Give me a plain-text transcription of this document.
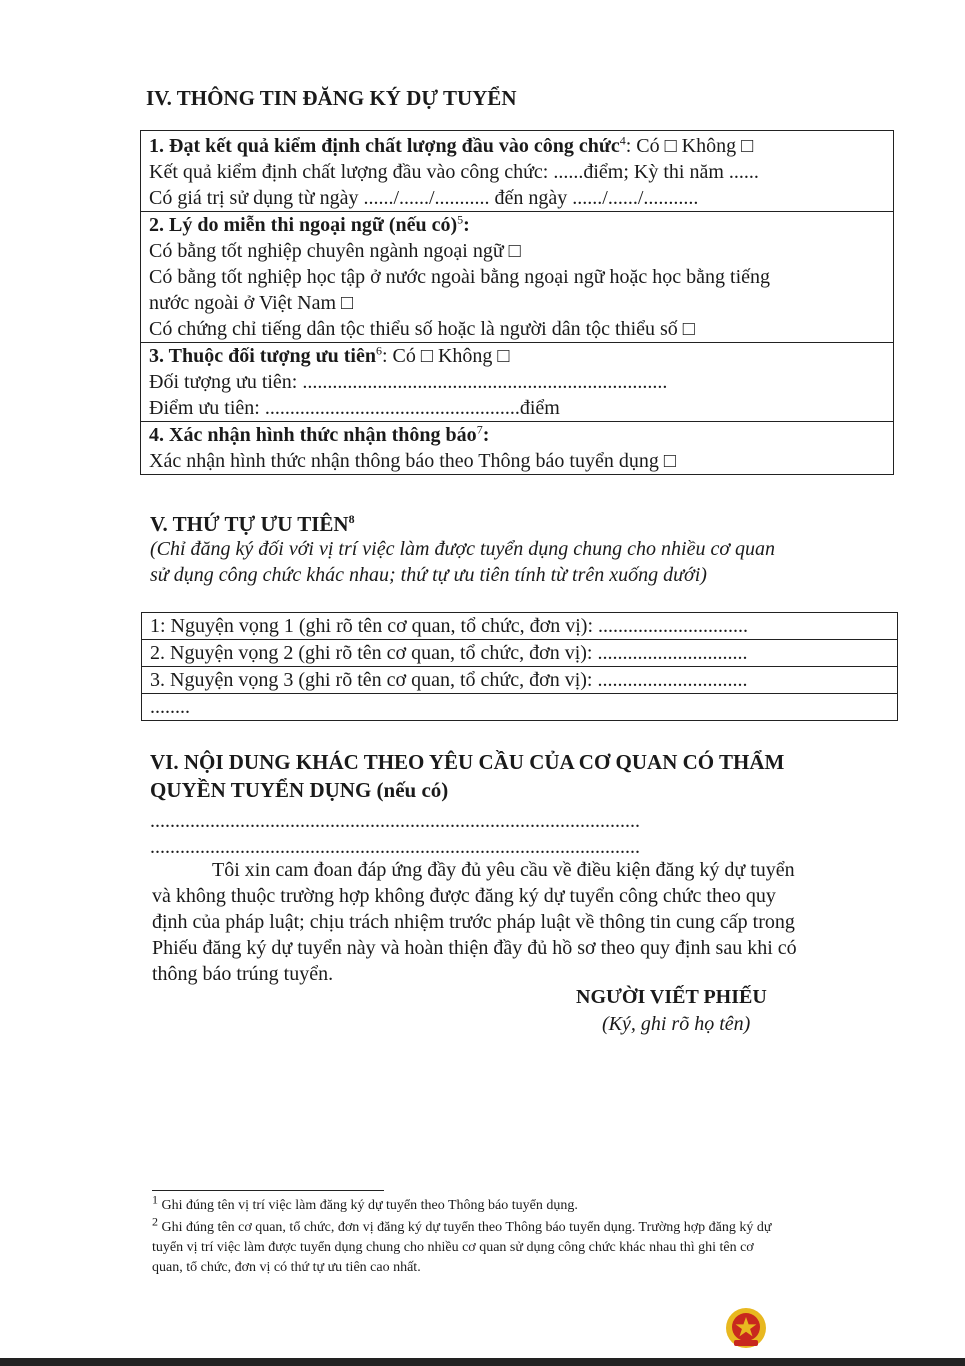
IV. THÔNG TIN ĐĂNG KÝ DỰ TUYỂN
1. Đạt kết quả kiểm định chất lượng đầu vào công chức$^4$: Có □ Không □
Kết quả kiểm định chất lượng đầu vào công chức: ......điểm; Kỳ thi năm ......
Có giá trị sử dụng từ ngày ....../....../........... đến ngày ....../....../...........
2. Lý do miễn thi ngoại ngữ (nếu có)$^5$:
Có bằng tốt nghiệp chuyên ngành ngoại ngữ □
Có bằng tốt nghiệp học tập ở nước ngoài bằng ngoại ngữ hoặc học bằng tiếng
nước ngoài ở Việt Nam □
Có chứng chỉ tiếng dân tộc thiểu số hoặc là người dân tộc thiểu số □
3. Thuộc đối tượng ưu tiên$^6$: Có □ Không □
Đối tượng ưu tiên: .........................................................................
Điểm ưu tiên: ...................................................điểm
4. Xác nhận hình thức nhận thông báo$^7$:
Xác nhận hình thức nhận thông báo theo Thông báo tuyển dụng □
V. THỨ TỰ ƯU TIÊN$^8$
(Chỉ đăng ký đối với vị trí việc làm được tuyển dụng chung cho nhiều cơ quan
sử dụng công chức khác nhau; thứ tự ưu tiên tính từ trên xuống dưới)
1: Nguyện vọng 1 (ghi rõ tên cơ quan, tổ chức, đơn vị): ..............................
2. Nguyện vọng 2 (ghi rõ tên cơ quan, tổ chức, đơn vị): ..............................
3. Nguyện vọng 3 (ghi rõ tên cơ quan, tổ chức, đơn vị): ..............................
........
VI. NỘI DUNG KHÁC THEO YÊU CẦU CỦA CƠ QUAN CÓ THẨM
QUYỀN TUYỂN DỤNG (nếu có)
..................................................................................................
..................................................................................................
Tôi xin cam đoan đáp ứng đầy đủ yêu cầu về điều kiện đăng ký dự tuyển
và không thuộc trường hợp không được đăng ký dự tuyển công chức theo quy
định của pháp luật; chịu trách nhiệm trước pháp luật về thông tin cung cấp trong
Phiếu đăng ký dự tuyển này và hoàn thiện đầy đủ hồ sơ theo quy định sau khi có
thông báo trúng tuyển.
NGƯỜI VIẾT PHIẾU
(Ký, ghi rõ họ tên)
$^1$ Ghi đúng tên vị trí việc làm đăng ký dự tuyển theo Thông báo tuyển dụng.
$^2$ Ghi đúng tên cơ quan, tổ chức, đơn vị đăng ký dự tuyển theo Thông báo tuyển dụng. Trường hợp đăng ký dự
tuyển vị trí việc làm được tuyển dụng chung cho nhiều cơ quan sử dụng công chức khác nhau thì ghi tên cơ
quan, tổ chức, đơn vị có thứ tự ưu tiên cao nhất.
